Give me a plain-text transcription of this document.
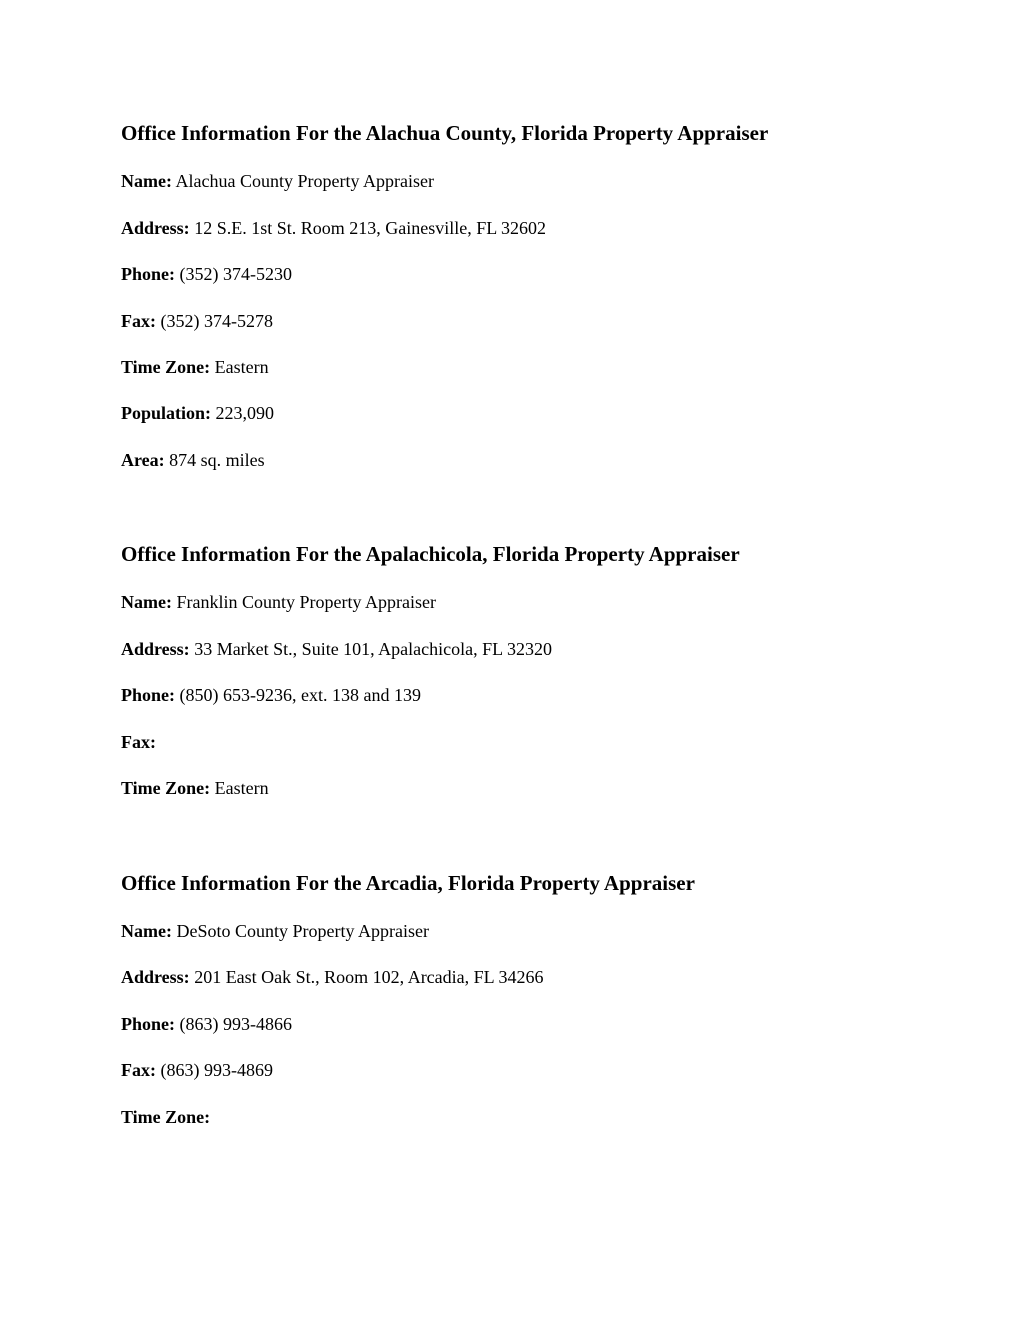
Office Information For the Alachua County, Florida Property Appraiser

Name: Alachua County Property Appraiser

Address: 12 S.E. 1st St. Room 213, Gainesville, FL 32602

Phone: (352) 374-5230

Fax: (352) 374-5278

Time Zone: Eastern

Population: 223,090

Area: 874 sq. miles

Office Information For the Apalachicola, Florida Property Appraiser

Name: Franklin County Property Appraiser

Address: 33 Market St., Suite 101, Apalachicola, FL 32320

Phone: (850) 653-9236, ext. 138 and 139

Fax:

Time Zone: Eastern

Office Information For the Arcadia, Florida Property Appraiser

Name: DeSoto County Property Appraiser

Address: 201 East Oak St., Room 102, Arcadia, FL 34266

Phone: (863) 993-4866

Fax: (863) 993-4869

Time Zone:
